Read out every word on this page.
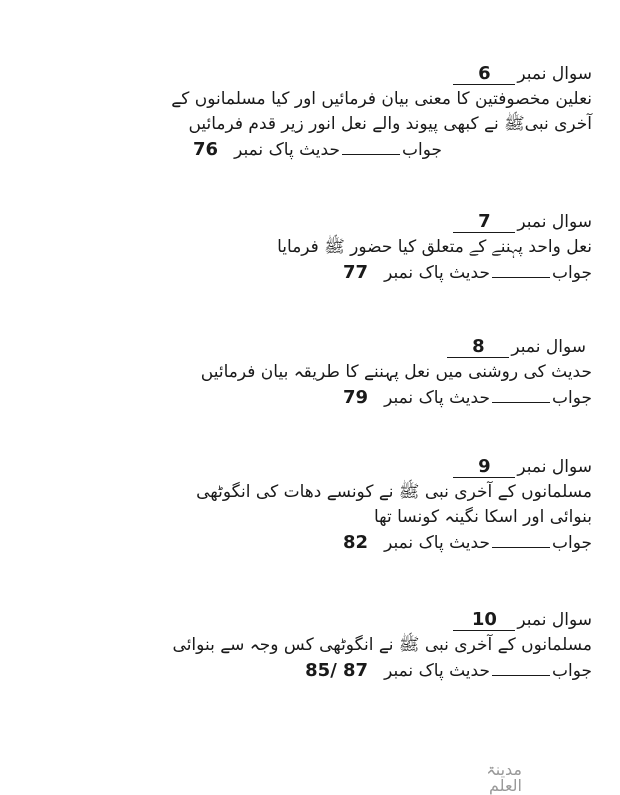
سوال نمبر6
نعلین مخصوفتین کا معنی بیان فرمائیں اور کیا مسلمانوں کے
آخری نبیﷺ نے کبھی پیوند والے نعل انور زیر قدم فرمائیں
جوابحدیث پاک نمبر76
سوال نمبر7
نعل واحد پہننے کے متعلق کیا حضور ﷺ فرمایا
جوابحدیث پاک نمبر77
سوال نمبر8
حدیث کی روشنی میں نعل پہننے کا طریقہ بیان فرمائیں
جوابحدیث پاک نمبر79
سوال نمبر9
مسلمانوں کے آخری نبی ﷺ نے کونسے دھات کی انگوٹھی
بنوائی اور اسکا نگینہ کونسا تھا
جوابحدیث پاک نمبر82
سوال نمبر10
مسلمانوں کے آخری نبی ﷺ نے انگوٹھی کس وجہ سے بنوائی
جوابحدیث پاک نمبر85/ 87
مدینۃ العلم
